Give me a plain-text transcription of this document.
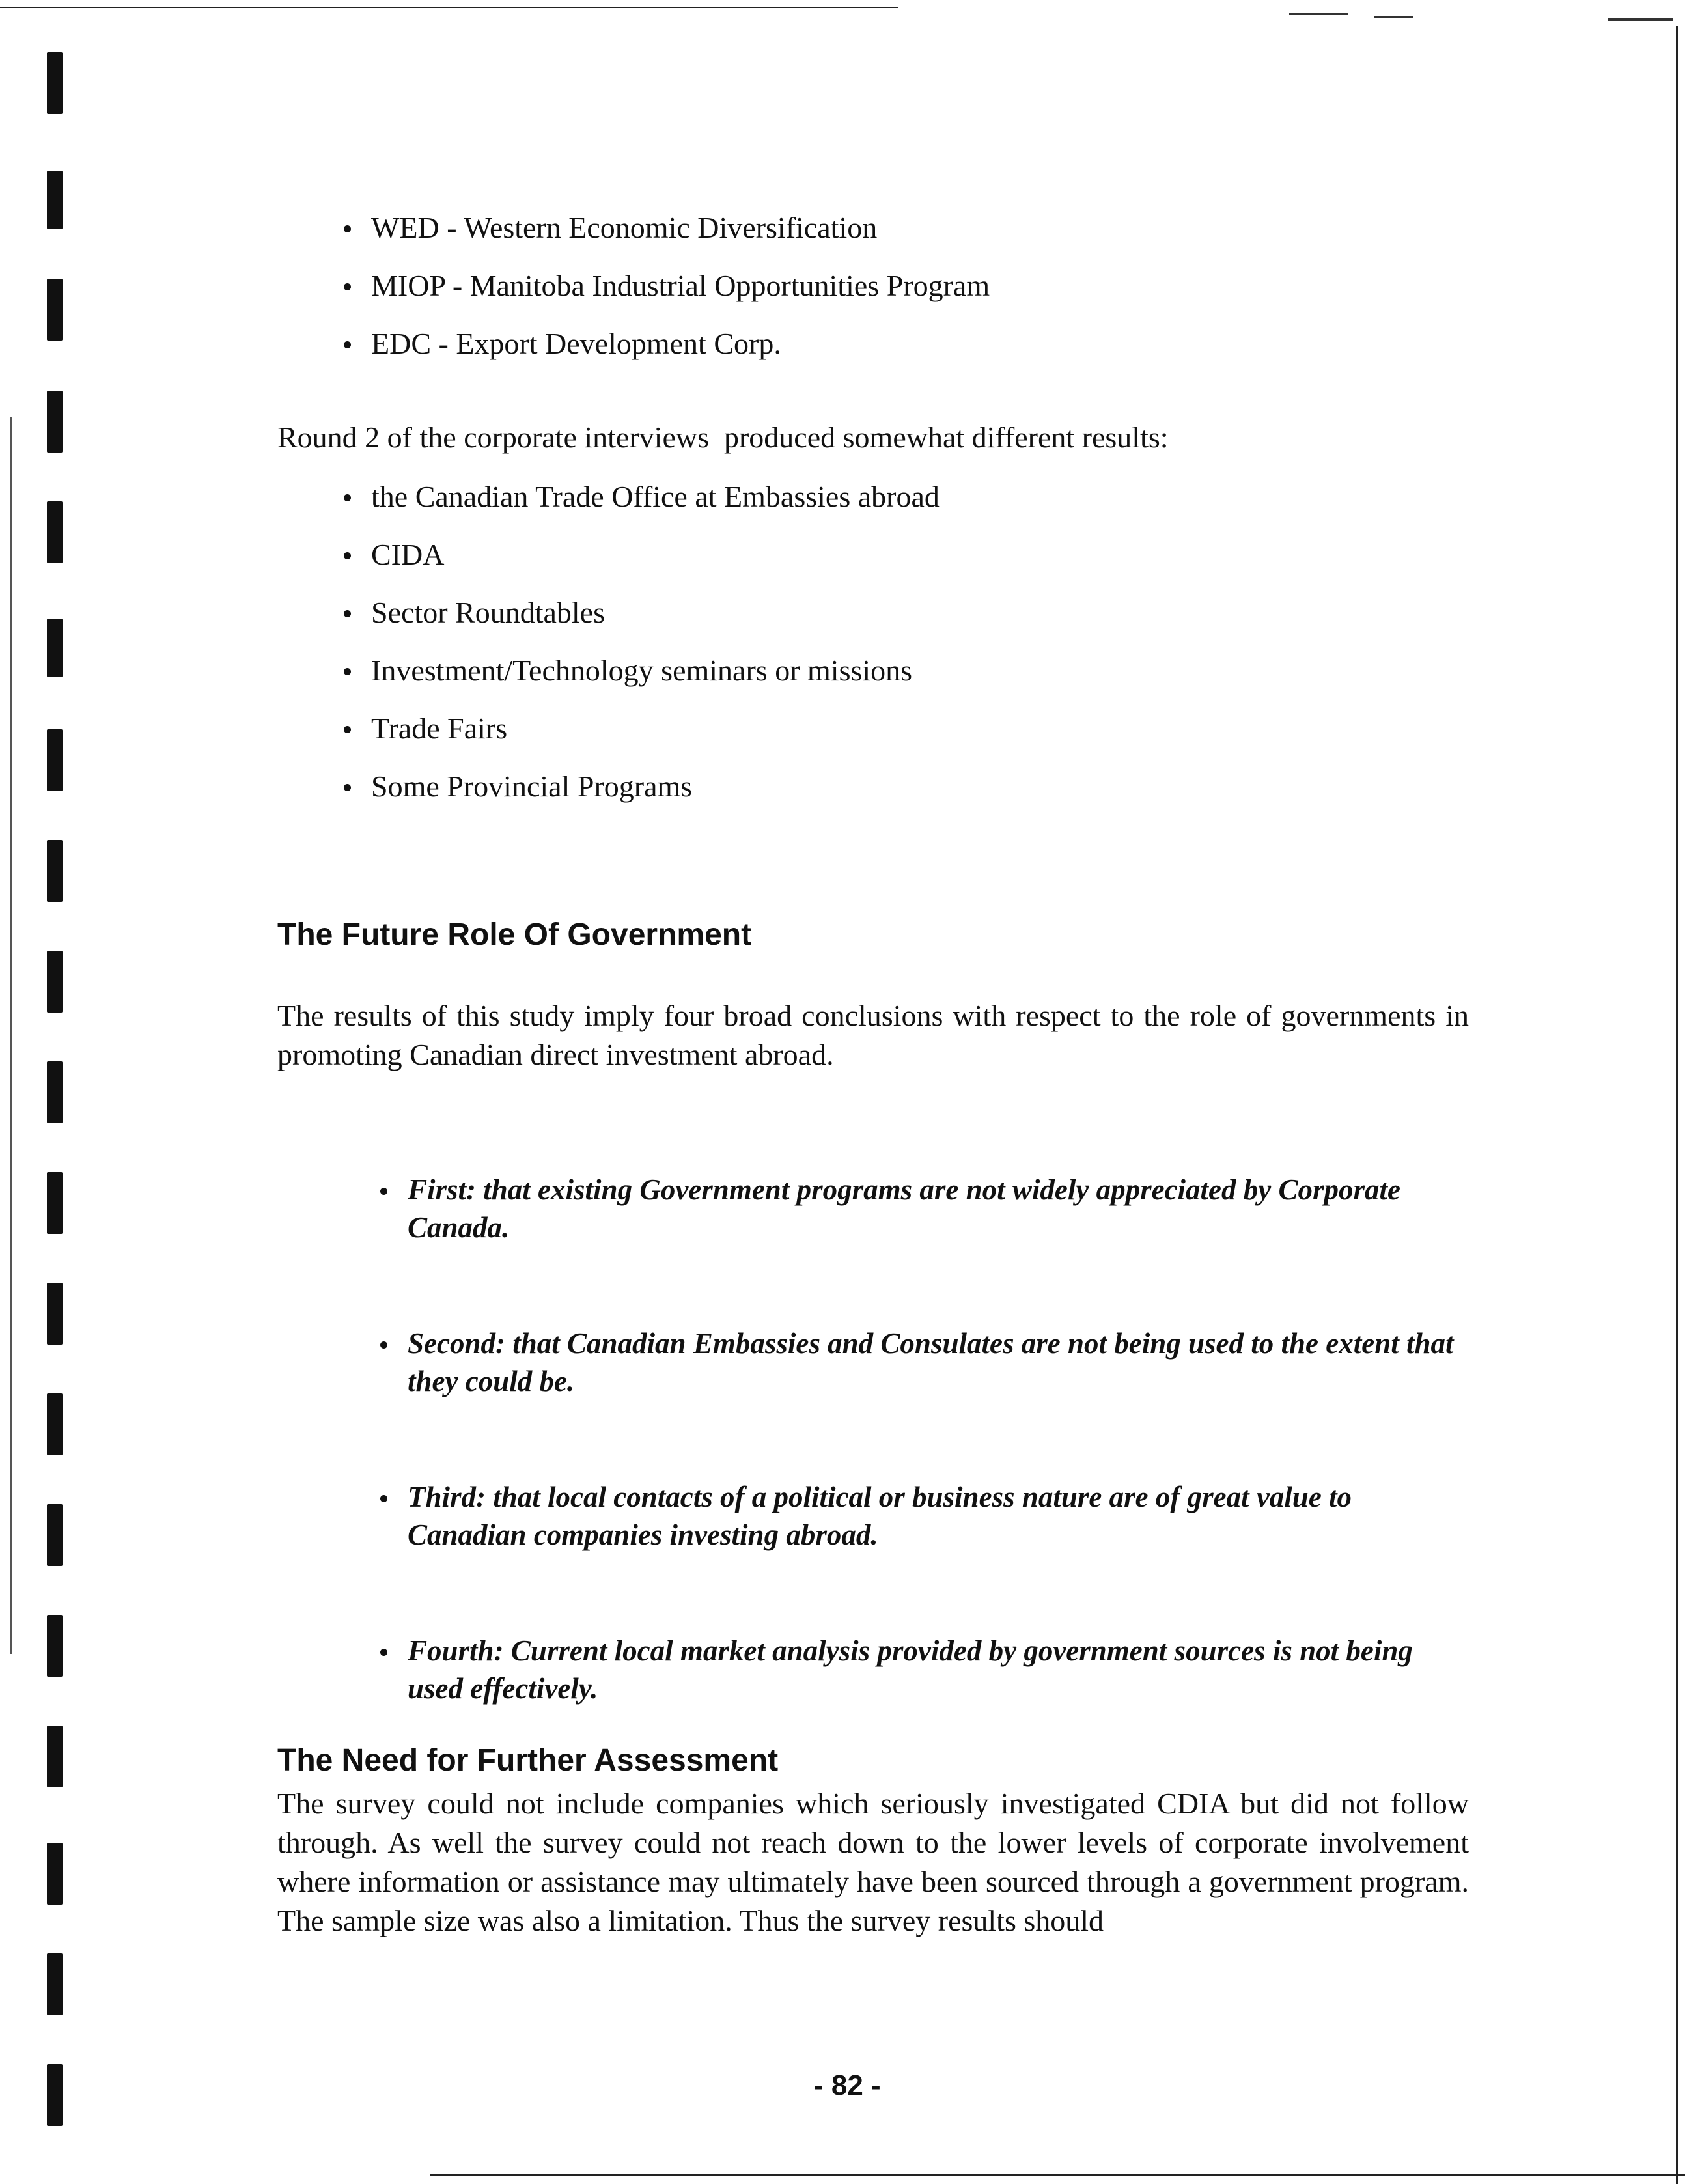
WED - Western Economic Diversification
MIOP - Manitoba Industrial Opportunities Program
EDC - Export Development Corp.

Round 2 of the corporate interviews  produced somewhat different results:

the Canadian Trade Office at Embassies abroad
CIDA
Sector Roundtables
Investment/Technology seminars or missions
Trade Fairs
Some Provincial Programs
The Future Role Of Government

The results of this study imply four broad conclusions with respect to the role of governments in promoting Canadian direct investment abroad.

First: that existing Government programs are not widely appreciated by Corporate Canada.

Second: that Canadian Embassies and Consulates are not being used to the extent that they could be.

Third: that local contacts of a political or business nature are of great value to Canadian companies investing abroad.

Fourth: Current local market analysis provided by government sources is not being used effectively.

The Need for Further Assessment

The survey could not include companies which seriously investigated CDIA but did not follow through. As well the survey could not reach down to the lower levels of corporate involvement where information or assistance may ultimately have been sourced through a government program. The sample size was also a limitation. Thus the survey results should

- 82 -
